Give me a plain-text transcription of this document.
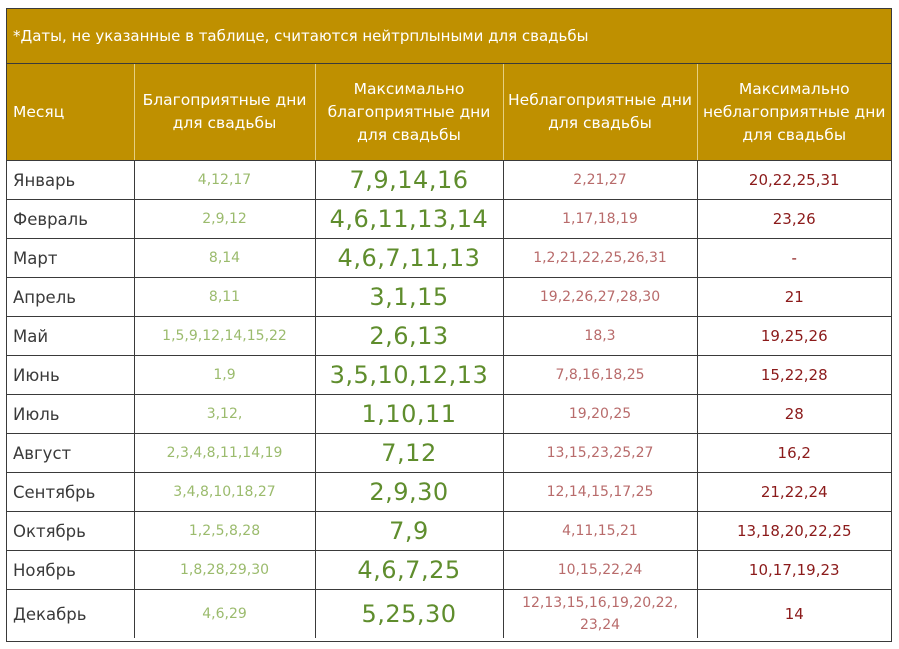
*Даты, не указанные в таблице, считаются нейтрплыными для свадьбы
Месяц	Благоприятные дни для свадьбы	Максимально благоприятные дни для свадьбы	Неблагоприятные дни для свадьбы	Максимально неблагоприятные дни для свадьбы
Январь	4,12,17	7,9,14,16	2,21,27	20,22,25,31
Февраль	2,9,12	4,6,11,13,14	1,17,18,19	23,26
Март	8,14	4,6,7,11,13	1,2,21,22,25,26,31	-
Апрель	8,11	3,1,15	19,2,26,27,28,30	21
Май	1,5,9,12,14,15,22	2,6,13	18,3	19,25,26
Июнь	1,9	3,5,10,12,13	7,8,16,18,25	15,22,28
Июль	3,12,	1,10,11	19,20,25	28
Август	2,3,4,8,11,14,19	7,12	13,15,23,25,27	16,2
Сентябрь	3,4,8,10,18,27	2,9,30	12,14,15,17,25	21,22,24
Октябрь	1,2,5,8,28	7,9	4,11,15,21	13,18,20,22,25
Ноябрь	1,8,28,29,30	4,6,7,25	10,15,22,24	10,17,19,23
Декабрь	4,6,29	5,25,30	12,13,15,16,19,20,22, 23,24	14
